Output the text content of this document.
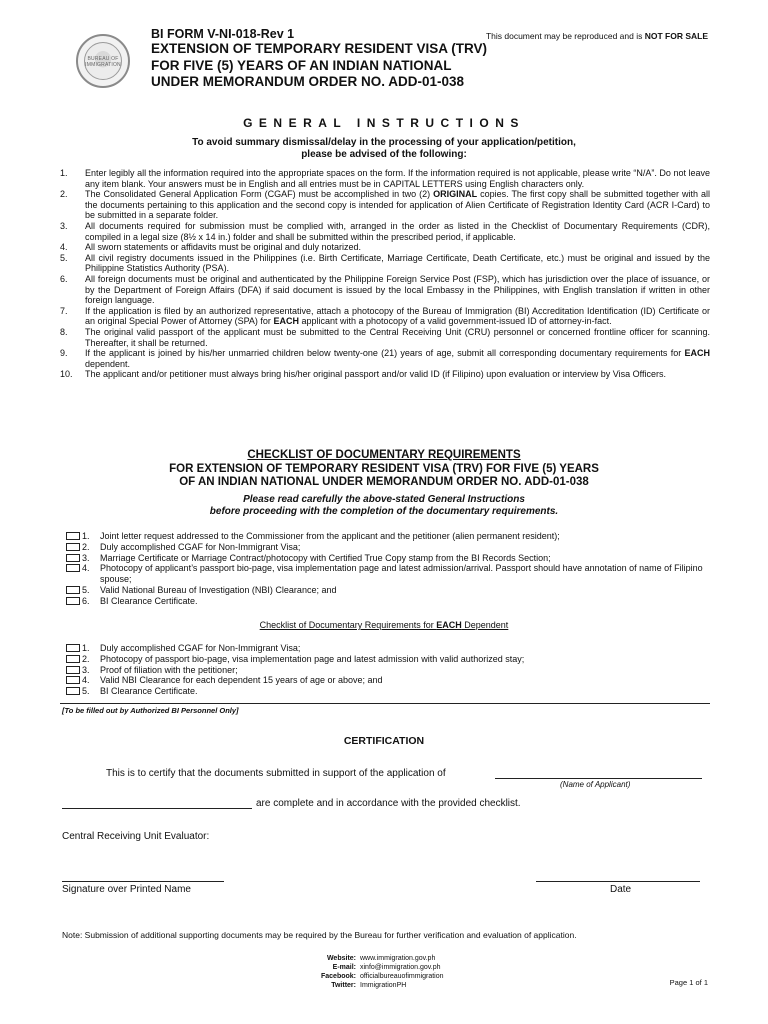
BUREAU OF IMMIGRATION
BI FORM V-NI-018-Rev 1	This document may be reproduced and is NOT FOR SALE
EXTENSION OF TEMPORARY RESIDENT VISA (TRV)
FOR FIVE (5) YEARS OF AN INDIAN NATIONAL
UNDER MEMORANDUM ORDER NO. ADD-01-038
GENERAL INSTRUCTIONS
To avoid summary dismissal/delay in the processing of your application/petition,
please be advised of the following:
1. Enter legibly all the information required into the appropriate spaces on the form. If the information required is not applicable, please write “N/A”. Do not leave any item blank. Your answers must be in English and all entries must be in CAPITAL LETTERS using English characters only.
2. The Consolidated General Application Form (CGAF) must be accomplished in two (2) ORIGINAL copies. The first copy shall be submitted together with all the documents pertaining to this application and the second copy is intended for application of Alien Certificate of Registration Identity Card (ACR I-Card) to be submitted in a separate folder.
3. All documents required for submission must be complied with, arranged in the order as listed in the Checklist of Documentary Requirements (CDR), compiled in a legal size (8½ x 14 in.) folder and shall be submitted within the prescribed period, if applicable.
4. All sworn statements or affidavits must be original and duly notarized.
5. All civil registry documents issued in the Philippines (i.e. Birth Certificate, Marriage Certificate, Death Certificate, etc.) must be original and issued by the Philippine Statistics Authority (PSA).
6. All foreign documents must be original and authenticated by the Philippine Foreign Service Post (FSP), which has jurisdiction over the place of issuance, or by the Department of Foreign Affairs (DFA) if said document is issued by the local Embassy in the Philippines, with English translation if written in other foreign language.
7. If the application is filed by an authorized representative, attach a photocopy of the Bureau of Immigration (BI) Accreditation Identification (ID) Certificate or an original Special Power of Attorney (SPA) for EACH applicant with a photocopy of a valid government-issued ID of attorney-in-fact.
8. The original valid passport of the applicant must be submitted to the Central Receiving Unit (CRU) personnel or concerned frontline officer for scanning. Thereafter, it shall be returned.
9. If the applicant is joined by his/her unmarried children below twenty-one (21) years of age, submit all corresponding documentary requirements for EACH dependent.
10. The applicant and/or petitioner must always bring his/her original passport and/or valid ID (if Filipino) upon evaluation or interview by Visa Officers.
CHECKLIST OF DOCUMENTARY REQUIREMENTS
FOR EXTENSION OF TEMPORARY RESIDENT VISA (TRV) FOR FIVE (5) YEARS
OF AN INDIAN NATIONAL UNDER MEMORANDUM ORDER NO. ADD-01-038
Please read carefully the above-stated General Instructions
before proceeding with the completion of the documentary requirements.
1. Joint letter request addressed to the Commissioner from the applicant and the petitioner (alien permanent resident);
2. Duly accomplished CGAF for Non-Immigrant Visa;
3. Marriage Certificate or Marriage Contract/photocopy with Certified True Copy stamp from the BI Records Section;
4. Photocopy of applicant’s passport bio-page, visa implementation page and latest admission/arrival. Passport should have annotation of name of Filipino spouse;
5. Valid National Bureau of Investigation (NBI) Clearance; and
6. BI Clearance Certificate.
Checklist of Documentary Requirements for EACH Dependent
1. Duly accomplished CGAF for Non-Immigrant Visa;
2. Photocopy of passport bio-page, visa implementation page and latest admission with valid authorized stay;
3. Proof of filiation with the petitioner;
4. Valid NBI Clearance for each dependent 15 years of age or above; and
5. BI Clearance Certificate.
[To be filled out by Authorized BI Personnel Only]
CERTIFICATION
This is to certify that the documents submitted in support of the application of
(Name of Applicant)
are complete and in accordance with the provided checklist.
Central Receiving Unit Evaluator:
Signature over Printed Name	Date
Note: Submission of additional supporting documents may be required by the Bureau for further verification and evaluation of application.
Website: www.immigration.gov.ph
E-mail: xinfo@immigration.gov.ph
Facebook: officialbureauofimmigration
Twitter: ImmigrationPH	Page 1 of 1
